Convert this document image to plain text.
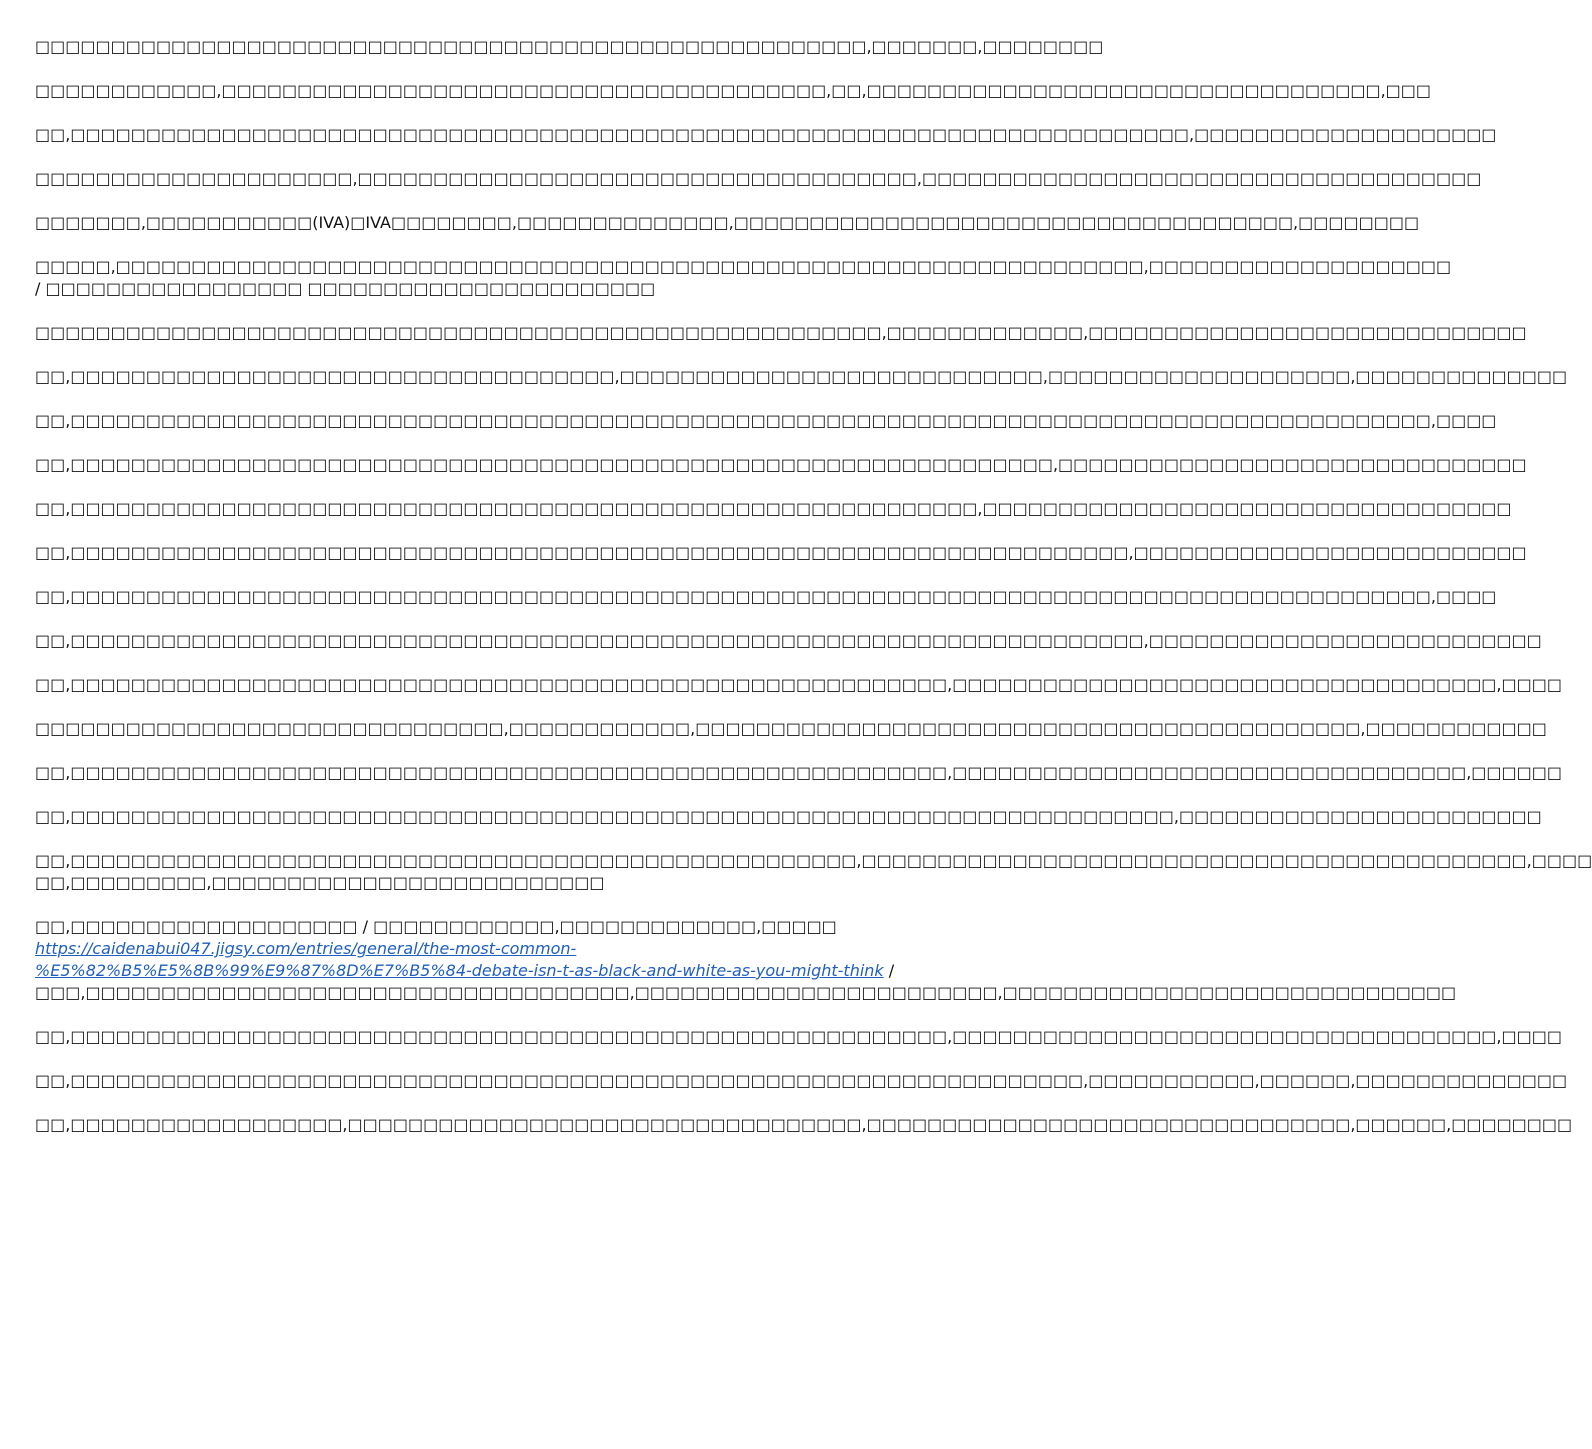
□□□□□□□□□□□□□□□□□□□□□□□□□□□□□□□□□□□□□□□□□□□□□□□□□□□□□□□,□□□□□□□,□□□□□□□□

□□□□□□□□□□□□,□□□□□□□□□□□□□□□□□□□□□□□□□□□□□□□□□□□□□□□□,□□,□□□□□□□□□□□□□□□□□□□□□□□□□□□□□□□□□□,□□□

□□,□□□□□□□□□□□□□□□□□□□□□□□□□□□□□□□□□□□□□□□□□□□□□□□□□□□□□□□□□□□□□□□□□□□□□□□□□□,□□□□□□□□□□□□□□□□□□□□

□□□□□□□□□□□□□□□□□□□□□,□□□□□□□□□□□□□□□□□□□□□□□□□□□□□□□□□□□□□,□□□□□□□□□□□□□□□□□□□□□□□□□□□□□□□□□□□□□

□□□□□□□,□□□□□□□□□□□(IVA)□IVA□□□□□□□□,□□□□□□□□□□□□□□,□□□□□□□□□□□□□□□□□□□□□□□□□□□□□□□□□□□□□,□□□□□□□□

□□□□□,□□□□□□□□□□□□□□□□□□□□□□□□□□□□□□□□□□□□□□□□□□□□□□□□□□□□□□□□□□□□□□□□□□□□,□□□□□□□□□□□□□□□□□□□□
/ □□□□□□□□□□□□□□□□□ □□□□□□□□□□□□□□□□□□□□□□□

□□□□□□□□□□□□□□□□□□□□□□□□□□□□□□□□□□□□□□□□□□□□□□□□□□□□□□□□,□□□□□□□□□□□□□,□□□□□□□□□□□□□□□□□□□□□□□□□□□□□

□□,□□□□□□□□□□□□□□□□□□□□□□□□□□□□□□□□□□□□,□□□□□□□□□□□□□□□□□□□□□□□□□□□□,□□□□□□□□□□□□□□□□□□□□,□□□□□□□□□□□□□□

□□,□□□□□□□□□□□□□□□□□□□□□□□□□□□□□□□□□□□□□□□□□□□□□□□□□□□□□□□□□□□□□□□□□□□□□□□□□□□□□□□□□□□□□□□□□□,□□□□

□□,□□□□□□□□□□□□□□□□□□□□□□□□□□□□□□□□□□□□□□□□□□□□□□□□□□□□□□□□□□□□□□□□□,□□□□□□□□□□□□□□□□□□□□□□□□□□□□□□□

□□,□□□□□□□□□□□□□□□□□□□□□□□□□□□□□□□□□□□□□□□□□□□□□□□□□□□□□□□□□□□□,□□□□□□□□□□□□□□□□□□□□□□□□□□□□□□□□□□□

□□,□□□□□□□□□□□□□□□□□□□□□□□□□□□□□□□□□□□□□□□□□□□□□□□□□□□□□□□□□□□□□□□□□□□□□□,□□□□□□□□□□□□□□□□□□□□□□□□□□

□□,□□□□□□□□□□□□□□□□□□□□□□□□□□□□□□□□□□□□□□□□□□□□□□□□□□□□□□□□□□□□□□□□□□□□□□□□□□□□□□□□□□□□□□□□□□,□□□□

□□,□□□□□□□□□□□□□□□□□□□□□□□□□□□□□□□□□□□□□□□□□□□□□□□□□□□□□□□□□□□□□□□□□□□□□□□,□□□□□□□□□□□□□□□□□□□□□□□□□□

□□,□□□□□□□□□□□□□□□□□□□□□□□□□□□□□□□□□□□□□□□□□□□□□□□□□□□□□□□□□□,□□□□□□□□□□□□□□□□□□□□□□□□□□□□□□□□□□□□,□□□□

□□□□□□□□□□□□□□□□□□□□□□□□□□□□□□□,□□□□□□□□□□□□,□□□□□□□□□□□□□□□□□□□□□□□□□□□□□□□□□□□□□□□□□□□□,□□□□□□□□□□□□

□□,□□□□□□□□□□□□□□□□□□□□□□□□□□□□□□□□□□□□□□□□□□□□□□□□□□□□□□□□□□,□□□□□□□□□□□□□□□□□□□□□□□□□□□□□□□□□□,□□□□□□

□□,□□□□□□□□□□□□□□□□□□□□□□□□□□□□□□□□□□□□□□□□□□□□□□□□□□□□□□□□□□□□□□□□□□□□□□□□□,□□□□□□□□□□□□□□□□□□□□□□□□

□□,□□□□□□□□□□□□□□□□□□□□□□□□□□□□□□□□□□□□□□□□□□□□□□□□□□□□,□□□□□□□□□□□□□□□□□□□□□□□□□□□□□□□□□□□□□□□□□□□□,□□□□
□□,□□□□□□□□□,□□□□□□□□□□□□□□□□□□□□□□□□□□

□□,□□□□□□□□□□□□□□□□□□□ / □□□□□□□□□□□□,□□□□□□□□□□□□□,□□□□□
https://caidenabui047.jigsy.com/entries/general/the-most-common-
%E5%82%B5%E5%8B%99%E9%87%8D%E7%B5%84-debate-isn-t-as-black-and-white-as-you-might-think /
□□□,□□□□□□□□□□□□□□□□□□□□□□□□□□□□□□□□□□□□,□□□□□□□□□□□□□□□□□□□□□□□□,□□□□□□□□□□□□□□□□□□□□□□□□□□□□□□

□□,□□□□□□□□□□□□□□□□□□□□□□□□□□□□□□□□□□□□□□□□□□□□□□□□□□□□□□□□□□,□□□□□□□□□□□□□□□□□□□□□□□□□□□□□□□□□□□□,□□□□

□□,□□□□□□□□□□□□□□□□□□□□□□□□□□□□□□□□□□□□□□□□□□□□□□□□□□□□□□□□□□□□□□□□□□□,□□□□□□□□□□□,□□□□□□,□□□□□□□□□□□□□□

□□,□□□□□□□□□□□□□□□□□□,□□□□□□□□□□□□□□□□□□□□□□□□□□□□□□□□□□,□□□□□□□□□□□□□□□□□□□□□□□□□□□□□□□□,□□□□□□,□□□□□□□□
